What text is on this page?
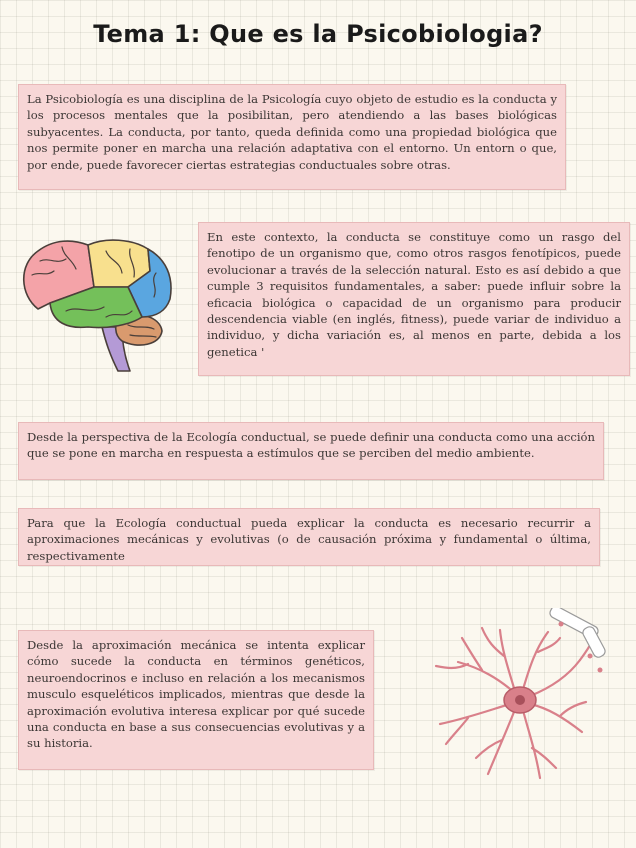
Tema 1: Que es la Psicobiologia?
La Psicobiología es una disciplina de la Psicología cuyo objeto de estudio es la conducta y los procesos mentales que la posibilitan, pero atendiendo a las bases biológicas subyacentes. La conducta, por tanto, queda definida como una propiedad biológica que nos permite poner en marcha una relación adaptativa con el entorno. Un entorn o que, por ende, puede favorecer ciertas estrategias conductuales sobre otras.
En este contexto, la conducta se constituye como un rasgo del fenotipo de un organismo que, como otros rasgos fenotípicos, puede evolucionar a través de la selección natural. Esto es así debido a que cumple 3 requisitos fundamentales, a saber: puede influir sobre la eficacia biológica o capacidad de un organismo para producir descendencia viable (en inglés, fitness), puede variar de individuo a individuo, y dicha variación es, al menos en parte, debida a los genetica '
Desde la perspectiva de la Ecología conductual, se puede definir una conducta como una acción que se pone en marcha en respuesta a estímulos que se perciben del medio ambiente.
Para que la Ecología conductual pueda explicar la conducta es necesario recurrir a aproximaciones mecánicas y evolutivas (o de causación próxima y fundamental o última, respectivamente
Desde la aproximación mecánica se intenta explicar cómo sucede la conducta en términos genéticos, neuroendocrinos e incluso en relación a los mecanismos musculo esqueléticos implicados, mientras que desde la aproximación evolutiva interesa explicar por qué sucede una conducta en base a sus consecuencias evolutivas y a su historia.
